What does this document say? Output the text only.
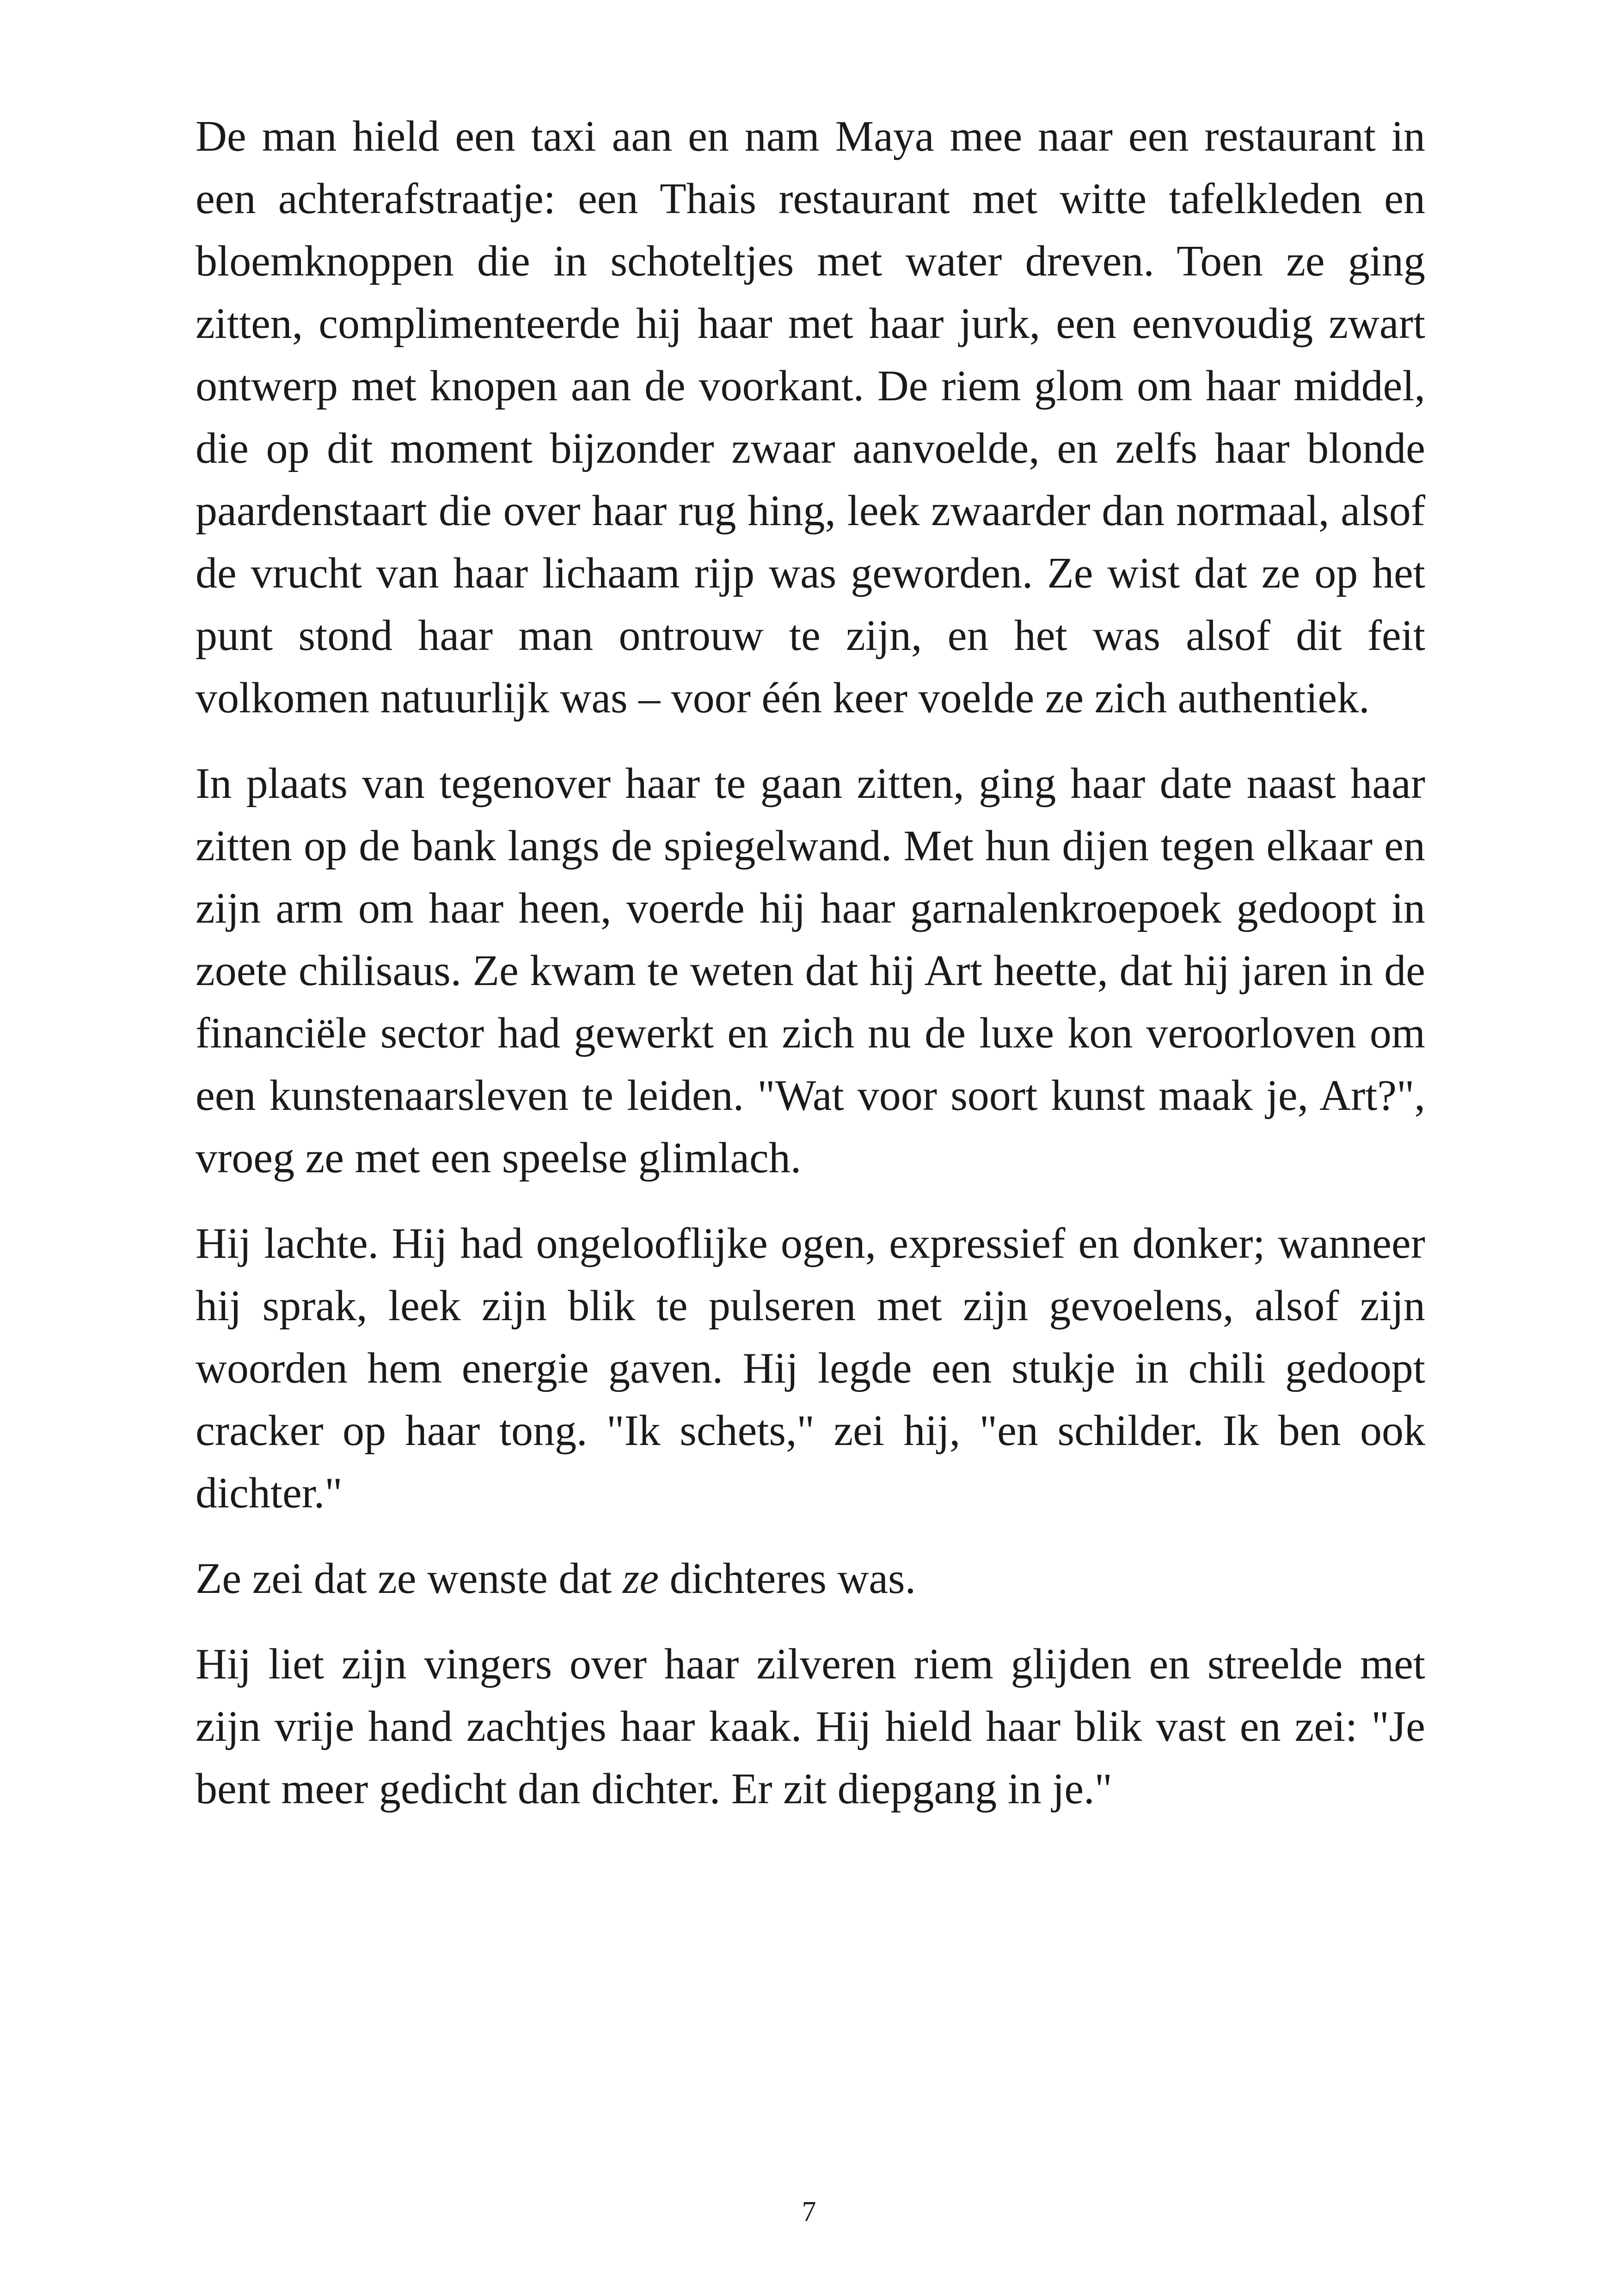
De man hield een taxi aan en nam Maya mee naar een restaurant in een achterafstraatje: een Thais restaurant met witte tafelkleden en bloemknoppen die in schoteltjes met water dreven. Toen ze ging zitten, complimenteerde hij haar met haar jurk, een eenvoudig zwart ontwerp met knopen aan de voorkant. De riem glom om haar middel, die op dit moment bijzonder zwaar aanvoelde, en zelfs haar blonde paardenstaart die over haar rug hing, leek zwaarder dan normaal, alsof de vrucht van haar lichaam rijp was geworden. Ze wist dat ze op het punt stond haar man ontrouw te zijn, en het was alsof dit feit volkomen natuurlijk was – voor één keer voelde ze zich authentiek.

In plaats van tegenover haar te gaan zitten, ging haar date naast haar zitten op de bank langs de spiegelwand. Met hun dijen tegen elkaar en zijn arm om haar heen, voerde hij haar garnalenkroepoek gedoopt in zoete chilisaus. Ze kwam te weten dat hij Art heette, dat hij jaren in de financiële sector had gewerkt en zich nu de luxe kon veroorloven om een kunstenaarsleven te leiden. "Wat voor soort kunst maak je, Art?", vroeg ze met een speelse glimlach.

Hij lachte. Hij had ongelooflijke ogen, expressief en donker; wanneer hij sprak, leek zijn blik te pulseren met zijn gevoelens, alsof zijn woorden hem energie gaven. Hij legde een stukje in chili gedoopt cracker op haar tong. "Ik schets," zei hij, "en schilder. Ik ben ook dichter."

Ze zei dat ze wenste dat ze dichteres was.

Hij liet zijn vingers over haar zilveren riem glijden en streelde met zijn vrije hand zachtjes haar kaak. Hij hield haar blik vast en zei: "Je bent meer gedicht dan dichter. Er zit diepgang in je."

7
